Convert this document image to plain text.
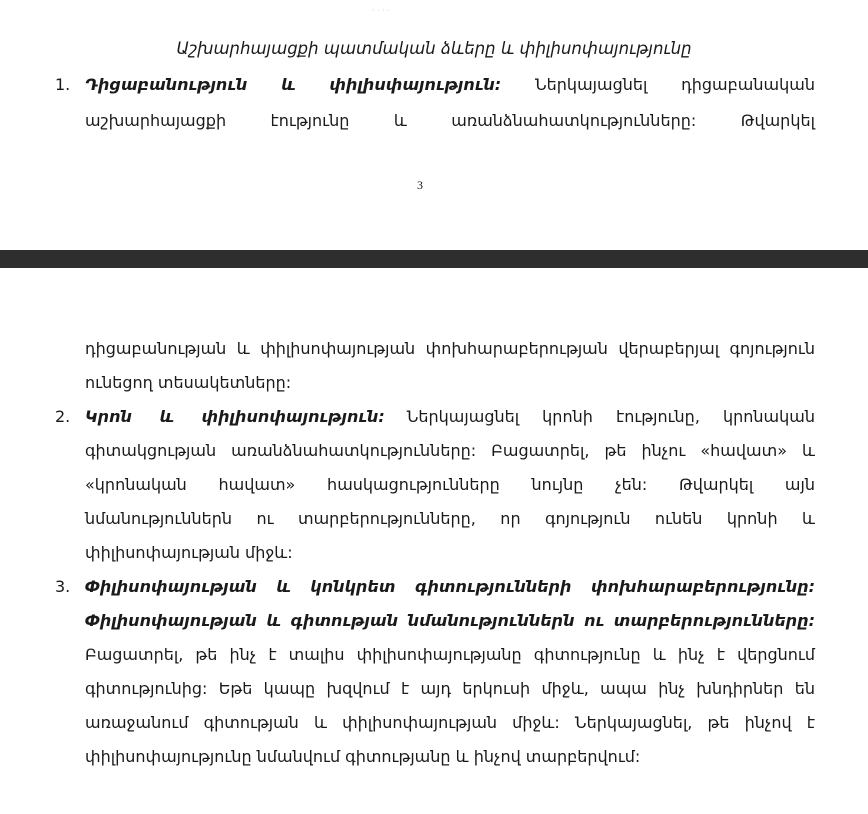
· · · ·
Աշխարհայացքի պատմական ձևերը և փիլիսոփայությունը
1. Դիցաբանություն և փիլիսփայություն: Ներկայացնել դիցաբանական
աշխարհայացքի	էությունը	և	առանձնահատկությունները:	Թվարկել
3
դիցաբանության և փիլիսոփայության փոխհարաբերության վերաբերյալ գոյություն
ունեցող տեսակետները:
2. Կրոն և փիլիսոփայություն: Ներկայացնել կրոնի էությունը, կրոնական
գիտակցության առանձնահատկությունները: Բացատրել, թե ինչու «հավատ» և
«կրոնական հավատ» հասկացությունները նույնը չեն: Թվարկել այն
նմանություններն ու տարբերությունները, որ գոյություն ունեն կրոնի և
փիլիսոփայության միջև:
3. Փիլիսոփայության և կոնկրետ գիտությունների փոխհարաբերությունը:
Փիլիսոփայության և գիտության նմանություններն ու տարբերությունները:
Բացատրել, թե ինչ է տալիս փիլիսոփայությանը գիտությունը և ինչ է վերցնում
գիտությունից: Եթե կապը խզվում է այդ երկուսի միջև, ապա ինչ խնդիրներ են
առաջանում գիտության և փիլիսոփայության միջև: Ներկայացնել, թե ինչով է
փիլիսոփայությունը նմանվում գիտությանը և ինչով տարբերվում:
